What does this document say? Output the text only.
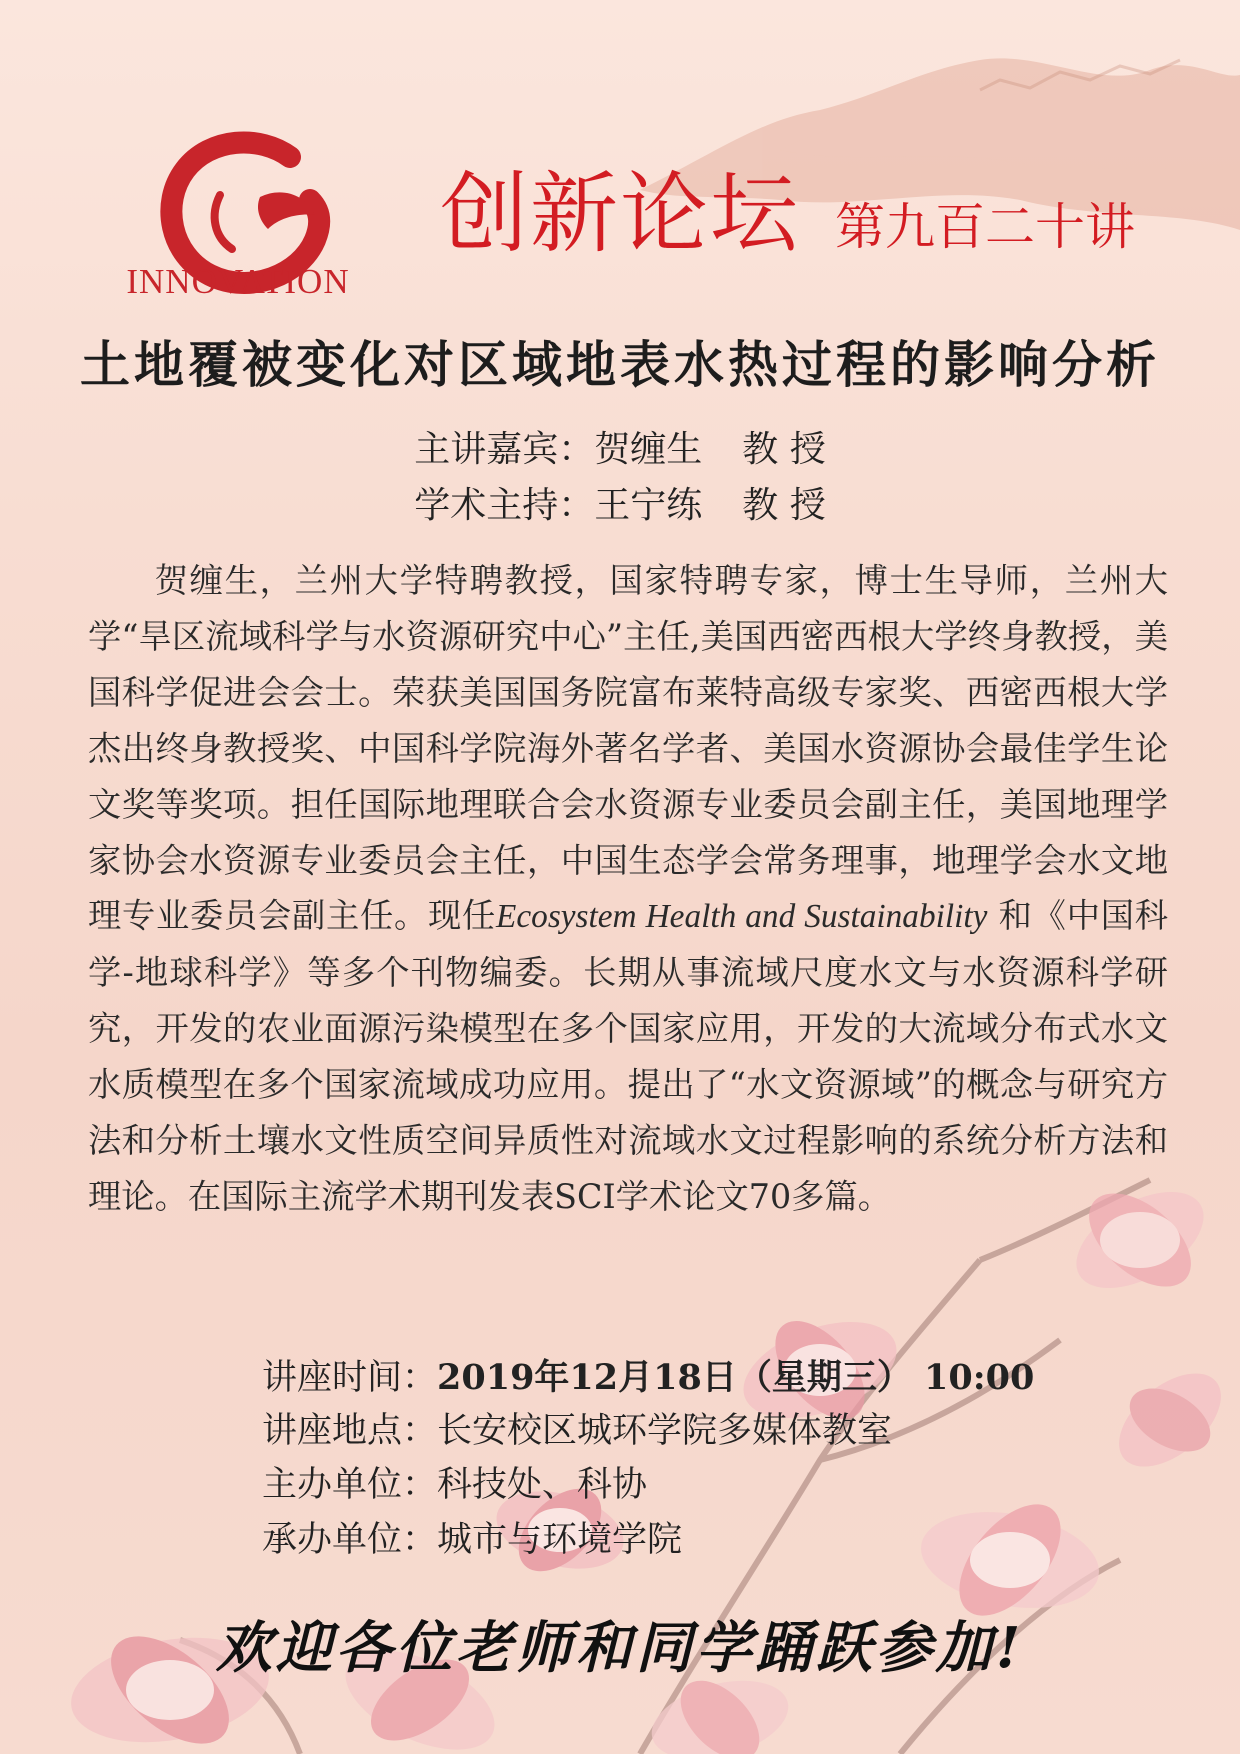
INNOVATION
创新论坛 第九百二十讲
土地覆被变化对区域地表水热过程的影响分析
主讲嘉宾：贺缠生 教 授
学术主持：王宁练 教 授

贺缠生，兰州大学特聘教授，国家特聘专家，博士生导师，兰州大学“旱区流域科学与水资源研究中心”主任,美国西密西根大学终身教授，美国科学促进会会士。荣获美国国务院富布莱特高级专家奖、西密西根大学杰出终身教授奖、中国科学院海外著名学者、美国水资源协会最佳学生论文奖等奖项。担任国际地理联合会水资源专业委员会副主任，美国地理学家协会水资源专业委员会主任，中国生态学会常务理事，地理学会水文地理专业委员会副主任。现任Ecosystem Health and Sustainability 和《中国科学-地球科学》等多个刊物编委。长期从事流域尺度水文与水资源科学研究，开发的农业面源污染模型在多个国家应用，开发的大流域分布式水文水质模型在多个国家流域成功应用。提出了“水文资源域”的概念与研究方法和分析土壤水文性质空间异质性对流域水文过程影响的系统分析方法和理论。在国际主流学术期刊发表SCI学术论文70多篇。

讲座时间：2019年12月18日（星期三） 10:00
讲座地点：长安校区城环学院多媒体教室
主办单位：科技处、科协
承办单位：城市与环境学院
欢迎各位老师和同学踊跃参加!
